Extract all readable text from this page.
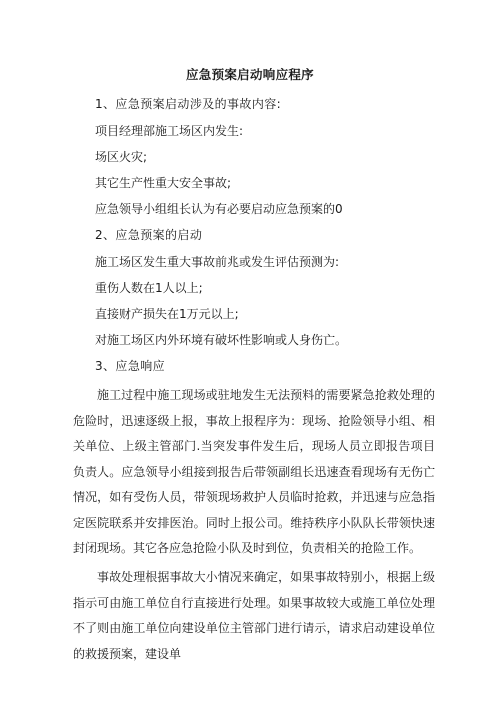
应急预案启动响应程序
1、应急预案启动涉及的事故内容:
项目经理部施工场区内发生:
场区火灾;
其它生产性重大安全事故;
应急领导小组组长认为有必要启动应急预案的0
2、应急预案的启动
施工场区发生重大事故前兆或发生评估预测为:
重伤人数在1人以上;
直接财产损失在1万元以上;
对施工场区内外环境有破坏性影响或人身伤亡。
3、应急响应
施工过程中施工现场或驻地发生无法预料的需要紧急抢救处理的危险时，迅速逐级上报，事故上报程序为：现场、抢险领导小组、相关单位、上级主管部门.当突发事件发生后，现场人员立即报告项目负责人。应急领导小组接到报告后带领副组长迅速查看现场有无伤亡情况，如有受伤人员，带领现场救护人员临时抢救，并迅速与应急指定医院联系并安排医治。同时上报公司。维持秩序小队队长带领快速封闭现场。其它各应急抢险小队及时到位，负责相关的抢险工作。
事故处理根据事故大小情况来确定，如果事故特别小，根据上级指示可由施工单位自行直接进行处理。如果事故较大或施工单位处理不了则由施工单位向建设单位主管部门进行请示，请求启动建设单位的救援预案，建设单
